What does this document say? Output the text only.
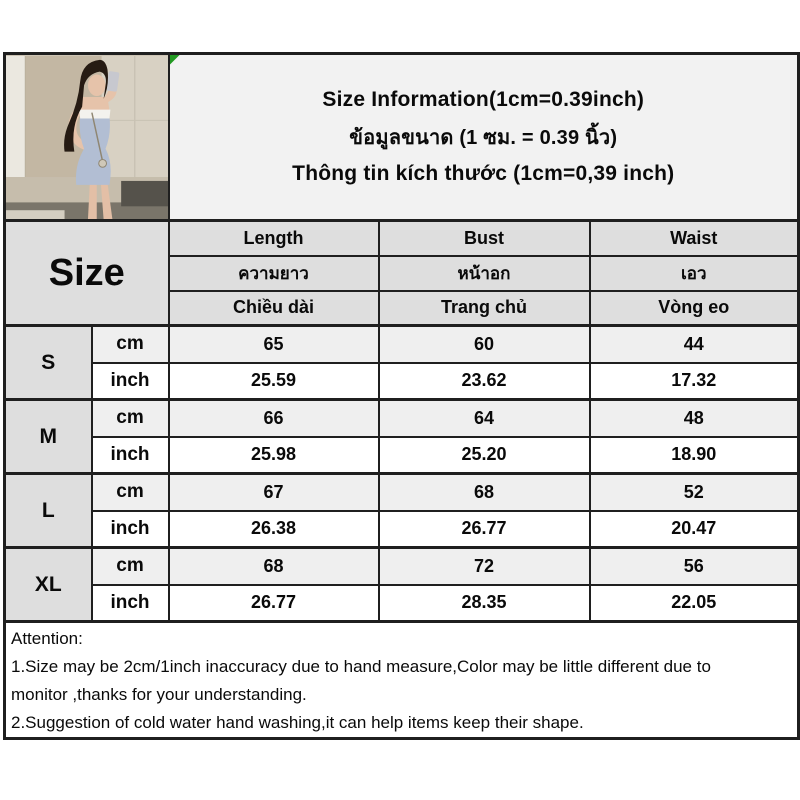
Size Information(1cm=0.39inch)
ข้อมูลขนาด (1 ซม. = 0.39 นิ้ว)
Thông tin kích thước (1cm=0,39 inch)		

Size		Length	Bust	Waist
		ความยาว	หน้าอก	เอว
		Chiều dài	Trang chủ	Vòng eo
S	cm	65	60	44
	inch	25.59	23.62	17.32
M	cm	66	64	48
	inch	25.98	25.20	18.90
L	cm	67	68	52
	inch	26.38	26.77	20.47
XL	cm	68	72	56
	inch	26.77	28.35	22.05

Attention:

1.Size may be 2cm/1inch inaccuracy due to hand measure,Color may be little different due to monitor ,thanks for your understanding.

2.Suggestion of cold water hand washing,it can help items keep their shape.				
